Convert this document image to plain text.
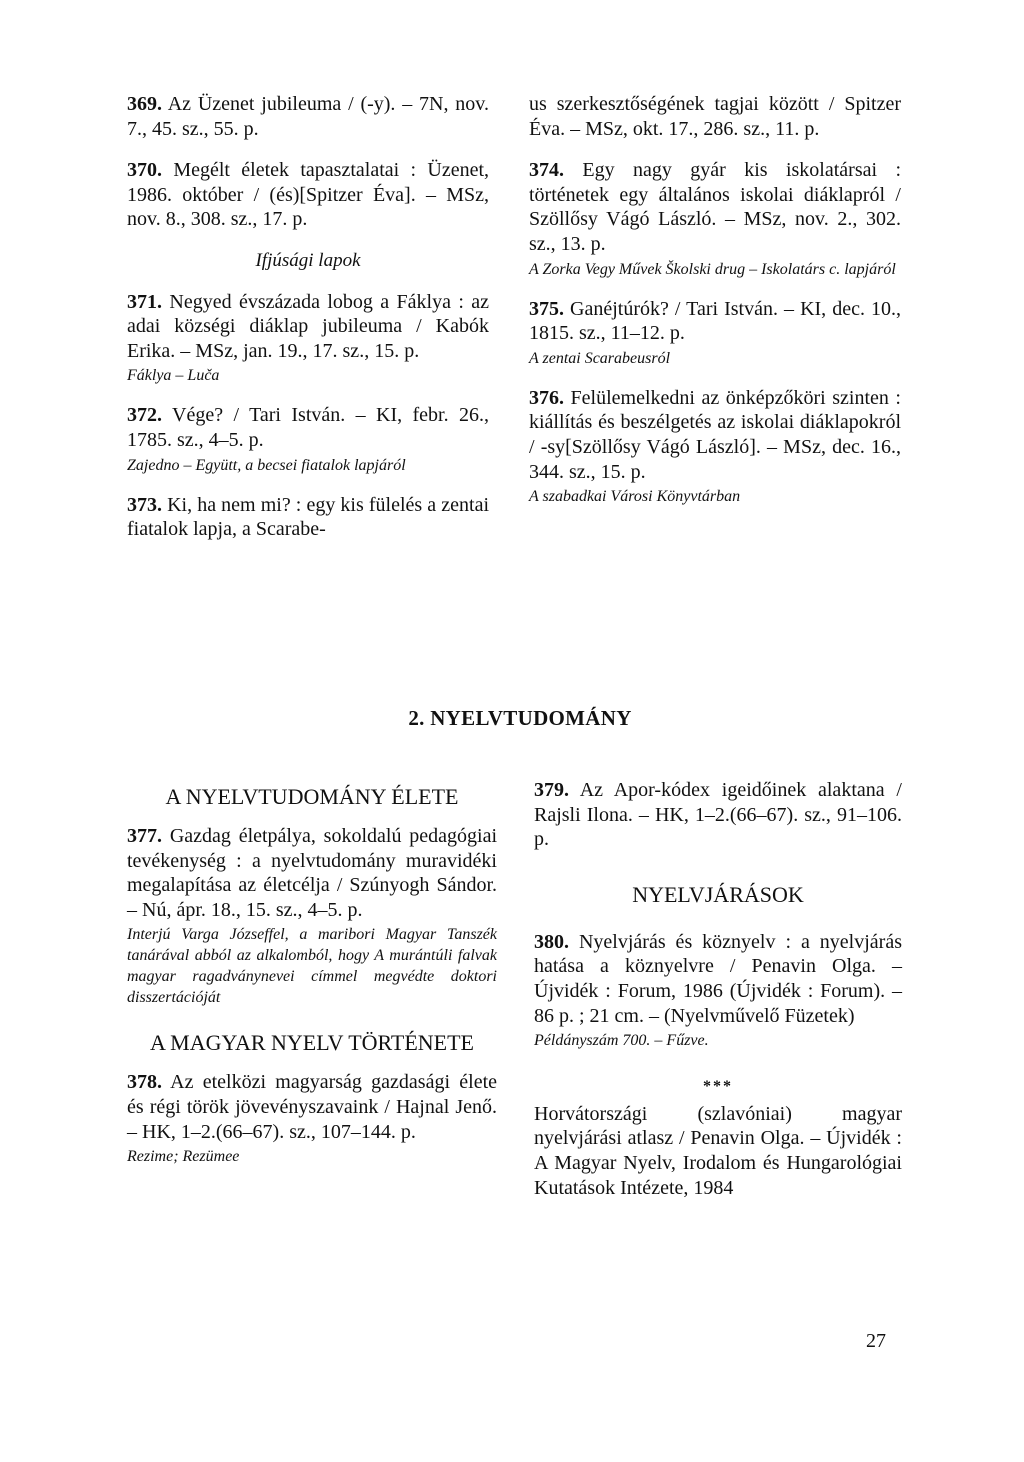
369. Az Üzenet jubileuma / (-y). – 7N, nov. 7., 45. sz., 55. p.
370. Megélt életek tapasztalatai : Üzenet, 1986. október / (és)[Spitzer Éva]. – MSz, nov. 8., 308. sz., 17. p.
Ifjúsági lapok
371. Negyed évszázada lobog a Fáklya : az adai községi diáklap jubileuma / Kabók Erika. – MSz, jan. 19., 17. sz., 15. p.
Fáklya – Luča
372. Vége? / Tari István. – KI, febr. 26., 1785. sz., 4–5. p.
Zajedno – Együtt, a becsei fiatalok lapjáról
373. Ki, ha nem mi? : egy kis fülelés a zentai fiatalok lapja, a Scarabe-
us szerkesztőségének tagjai között / Spitzer Éva. – MSz, okt. 17., 286. sz., 11. p.
374. Egy nagy gyár kis iskolatársai : történetek egy általános iskolai diáklapról / Szöllősy Vágó László. – MSz, nov. 2., 302. sz., 13. p.
A Zorka Vegy Művek Školski drug – Iskolatárs c. lapjáról
375. Ganéjtúrók? / Tari István. – KI, dec. 10., 1815. sz., 11–12. p.
A zentai Scarabeusról
376. Felülemelkedni az önképzőköri szinten : kiállítás és beszélgetés az iskolai diáklapokról / -sy[Szöllősy Vágó László]. – MSz, dec. 16., 344. sz., 15. p.
A szabadkai Városi Könyvtárban
2. NYELVTUDOMÁNY
A NYELVTUDOMÁNY ÉLETE
377. Gazdag életpálya, sokoldalú pedagógiai tevékenység : a nyelvtudomány muravidéki megalapítása az életcélja / Szúnyogh Sándor. – Nú, ápr. 18., 15. sz., 4–5. p.
Interjú Varga Józseffel, a maribori Magyar Tanszék tanárával abból az alkalomból, hogy A murántúli falvak magyar ragadványnevei címmel megvédte doktori disszertációját
A MAGYAR NYELV TÖRTÉNETE
378. Az etelközi magyarság gazdasági élete és régi török jövevényszavaink / Hajnal Jenő. – HK, 1–2.(66–67). sz., 107–144. p.
Rezime; Rezümee
379. Az Apor-kódex igeidőinek alaktana / Rajsli Ilona. – HK, 1–2.(66–67). sz., 91–106. p.
NYELVJÁRÁSOK
380. Nyelvjárás és köznyelv : a nyelvjárás hatása a köznyelvre / Penavin Olga. – Újvidék : Forum, 1986 (Újvidék : Forum). – 86 p. ; 21 cm. – (Nyelvművelő Füzetek)
Példányszám 700. – Fűzve.
***
Horvátországi (szlavóniai) magyar nyelvjárási atlasz / Penavin Olga. – Újvidék : A Magyar Nyelv, Irodalom és Hungarológiai Kutatások Intézete, 1984
27
